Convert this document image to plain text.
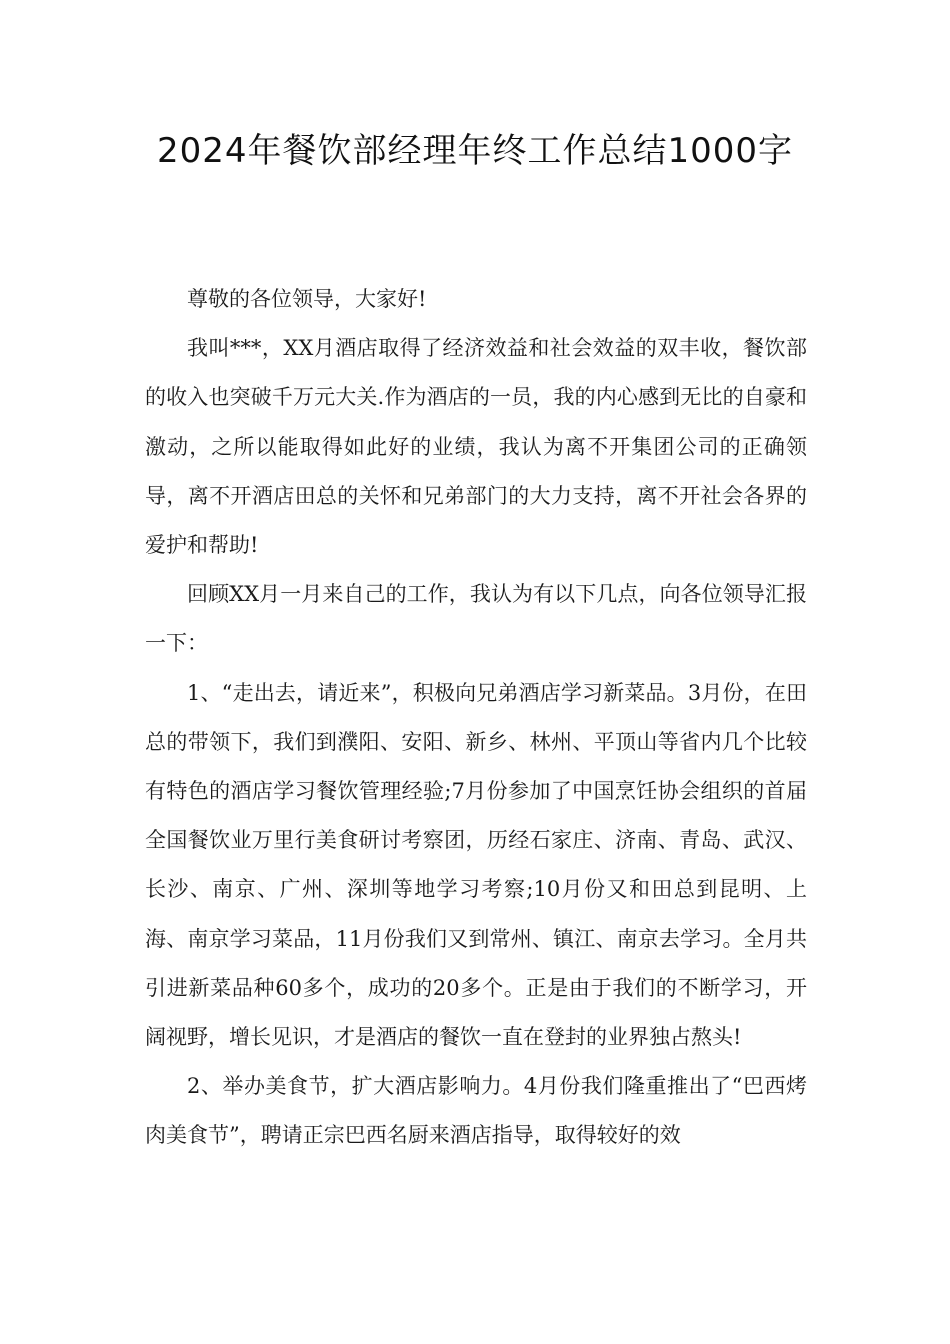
2024年餐饮部经理年终工作总结1000字

尊敬的各位领导，大家好!

我叫***，XX月酒店取得了经济效益和社会效益的双丰收，餐饮部的收入也突破千万元大关.作为酒店的一员，我的内心感到无比的自豪和激动，之所以能取得如此好的业绩，我认为离不开集团公司的正确领导，离不开酒店田总的关怀和兄弟部门的大力支持，离不开社会各界的爱护和帮助!

回顾XX月一月来自己的工作，我认为有以下几点，向各位领导汇报一下：

1、“走出去，请近来”，积极向兄弟酒店学习新菜品。3月份，在田总的带领下，我们到濮阳、安阳、新乡、林州、平顶山等省内几个比较有特色的酒店学习餐饮管理经验;7月份参加了中国烹饪协会组织的首届全国餐饮业万里行美食研讨考察团，历经石家庄、济南、青岛、武汉、长沙、南京、广州、深圳等地学习考察;10月份又和田总到昆明、上海、南京学习菜品，11月份我们又到常州、镇江、南京去学习。全月共引进新菜品种60多个，成功的20多个。正是由于我们的不断学习，开阔视野，增长见识，才是酒店的餐饮一直在登封的业界独占熬头!

2、举办美食节，扩大酒店影响力。4月份我们隆重推出了“巴西烤肉美食节”，聘请正宗巴西名厨来酒店指导，取得较好的效
